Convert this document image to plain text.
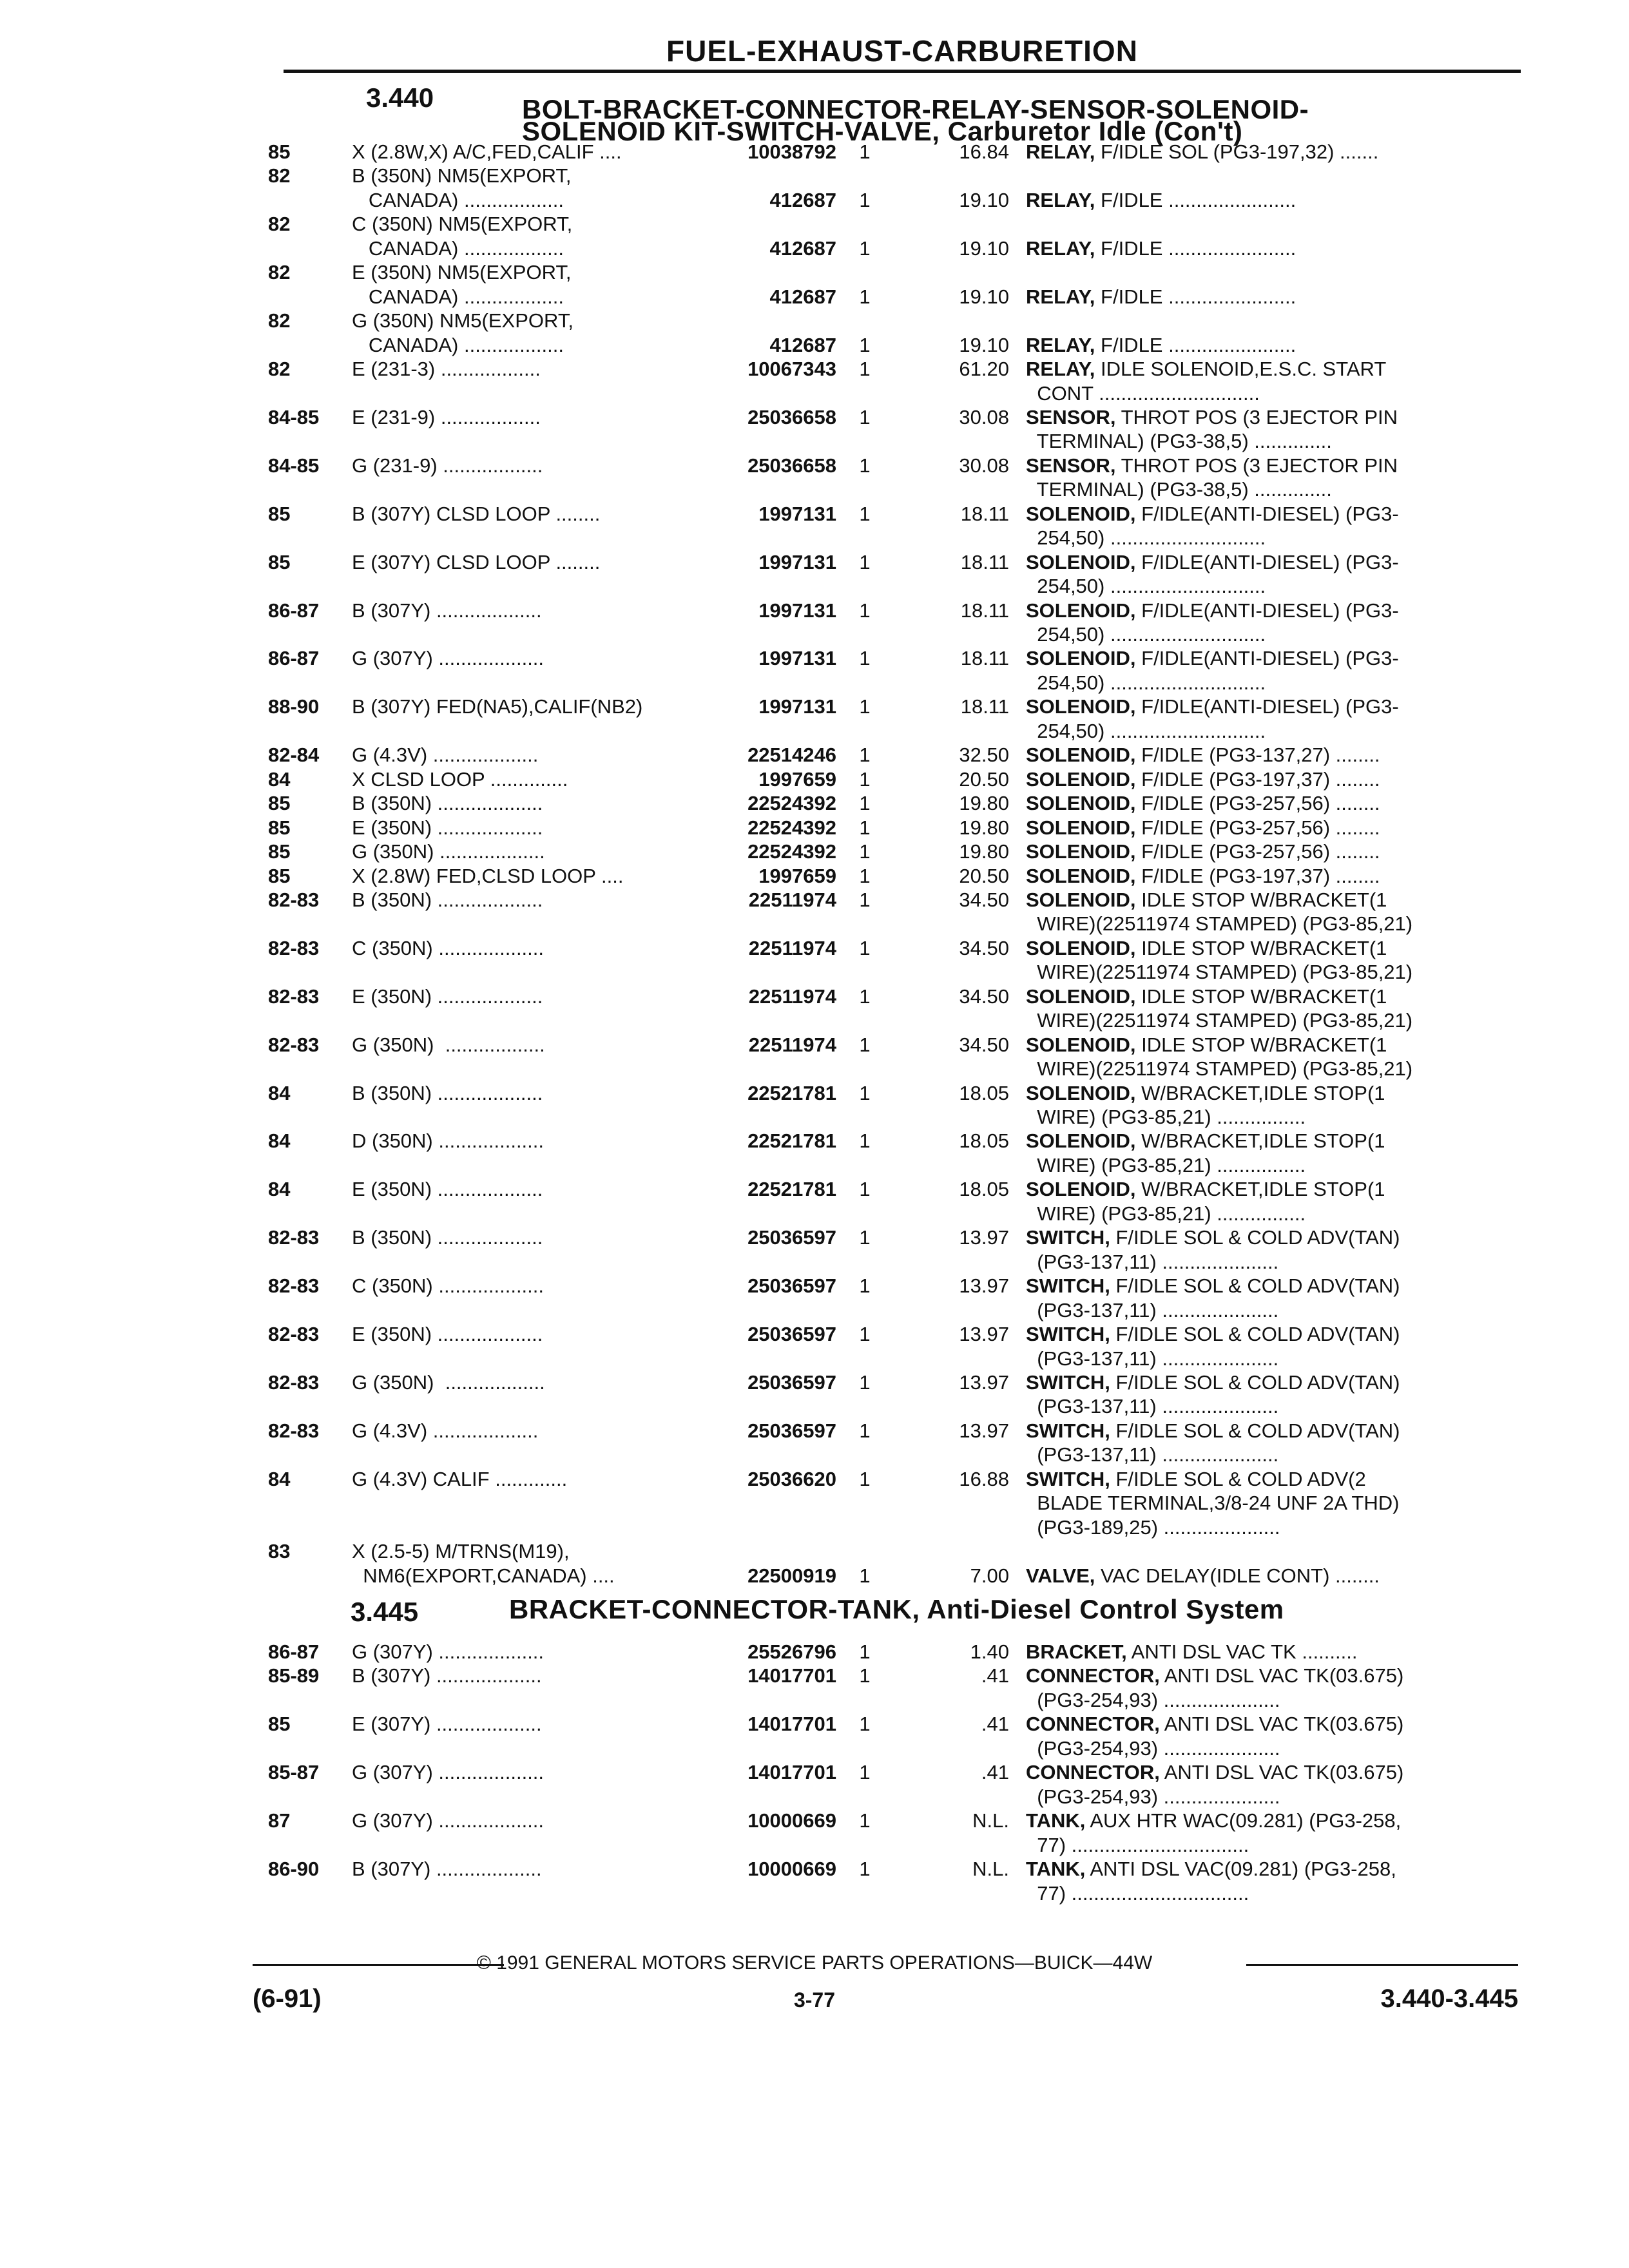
FUEL-EXHAUST-CARBURETION
3.440	BOLT-BRACKET-CONNECTOR-RELAY-SENSOR-SOLENOID-
SOLENOID KIT-SWITCH-VALVE, Carburetor Idle (Con't)
85	X (2.8W,X) A/C,FED,CALIF ....	10038792	1	16.84 RELAY, F/IDLE SOL (PG3-197,32) .......
82	B (350N) NM5(EXPORT,
CANADA) ..................	412687	1	19.10 RELAY, F/IDLE .......................
82	C (350N) NM5(EXPORT,
CANADA) ..................	412687	1	19.10 RELAY, F/IDLE .......................
82	E (350N) NM5(EXPORT,
CANADA) ..................	412687	1	19.10 RELAY, F/IDLE .......................
82	G (350N) NM5(EXPORT,
CANADA) ..................	412687	1	19.10 RELAY, F/IDLE .......................
82	E (231-3) ..................	10067343	1	61.20 RELAY, IDLE SOLENOID,E.S.C. START
CONT .............................
84-85	E (231-9) ..................	25036658	1	30.08 SENSOR, THROT POS (3 EJECTOR PIN
TERMINAL) (PG3-38,5) ..............
84-85	G (231-9) ..................	25036658	1	30.08 SENSOR, THROT POS (3 EJECTOR PIN
TERMINAL) (PG3-38,5) ..............
85	B (307Y) CLSD LOOP ........	1997131	1	18.11 SOLENOID, F/IDLE(ANTI-DIESEL) (PG3-
254,50) ............................
85	E (307Y) CLSD LOOP ........	1997131	1	18.11 SOLENOID, F/IDLE(ANTI-DIESEL) (PG3-
254,50) ............................
86-87	B (307Y) ...................	1997131	1	18.11 SOLENOID, F/IDLE(ANTI-DIESEL) (PG3-
254,50) ............................
86-87	G (307Y) ...................	1997131	1	18.11 SOLENOID, F/IDLE(ANTI-DIESEL) (PG3-
254,50) ............................
88-90	B (307Y) FED(NA5),CALIF(NB2)	1997131	1	18.11 SOLENOID, F/IDLE(ANTI-DIESEL) (PG3-
254,50) ............................
82-84	G (4.3V) ...................	22514246	1	32.50 SOLENOID, F/IDLE (PG3-137,27) ........
84	X CLSD LOOP ..............	1997659	1	20.50 SOLENOID, F/IDLE (PG3-197,37) ........
85	B (350N) ...................	22524392	1	19.80 SOLENOID, F/IDLE (PG3-257,56) ........
85	E (350N) ...................	22524392	1	19.80 SOLENOID, F/IDLE (PG3-257,56) ........
85	G (350N) ...................	22524392	1	19.80 SOLENOID, F/IDLE (PG3-257,56) ........
85	X (2.8W) FED,CLSD LOOP ....	1997659	1	20.50 SOLENOID, F/IDLE (PG3-197,37) ........
82-83	B (350N) ...................	22511974	1	34.50 SOLENOID, IDLE STOP W/BRACKET(1
WIRE)(22511974 STAMPED) (PG3-85,21)
82-83	C (350N) ...................	22511974	1	34.50 SOLENOID, IDLE STOP W/BRACKET(1
WIRE)(22511974 STAMPED) (PG3-85,21)
82-83	E (350N) ...................	22511974	1	34.50 SOLENOID, IDLE STOP W/BRACKET(1
WIRE)(22511974 STAMPED) (PG3-85,21)
82-83	G (350N)  ..................	22511974	1	34.50 SOLENOID, IDLE STOP W/BRACKET(1
WIRE)(22511974 STAMPED) (PG3-85,21)
84	B (350N) ...................	22521781	1	18.05 SOLENOID, W/BRACKET,IDLE STOP(1
WIRE) (PG3-85,21) ................
84	D (350N) ...................	22521781	1	18.05 SOLENOID, W/BRACKET,IDLE STOP(1
WIRE) (PG3-85,21) ................
84	E (350N) ...................	22521781	1	18.05 SOLENOID, W/BRACKET,IDLE STOP(1
WIRE) (PG3-85,21) ................
82-83	B (350N) ...................	25036597	1	13.97 SWITCH, F/IDLE SOL & COLD ADV(TAN)
(PG3-137,11) .....................
82-83	C (350N) ...................	25036597	1	13.97 SWITCH, F/IDLE SOL & COLD ADV(TAN)
(PG3-137,11) .....................
82-83	E (350N) ...................	25036597	1	13.97 SWITCH, F/IDLE SOL & COLD ADV(TAN)
(PG3-137,11) .....................
82-83	G (350N)  ..................	25036597	1	13.97 SWITCH, F/IDLE SOL & COLD ADV(TAN)
(PG3-137,11) .....................
82-83	G (4.3V) ...................	25036597	1	13.97 SWITCH, F/IDLE SOL & COLD ADV(TAN)
(PG3-137,11) .....................
84	G (4.3V) CALIF .............	25036620	1	16.88 SWITCH, F/IDLE SOL & COLD ADV(2
BLADE TERMINAL,3/8-24 UNF 2A THD)
(PG3-189,25) .....................
83	X (2.5-5) M/TRNS(M19),
NM6(EXPORT,CANADA) ....	22500919	1	7.00 VALVE, VAC DELAY(IDLE CONT) ........
3.445	BRACKET-CONNECTOR-TANK, Anti-Diesel Control System
86-87	G (307Y) ...................	25526796	1	1.40 BRACKET, ANTI DSL VAC TK ..........
85-89	B (307Y) ...................	14017701	1	.41 CONNECTOR, ANTI DSL VAC TK(03.675)
(PG3-254,93) .....................
85	E (307Y) ...................	14017701	1	.41 CONNECTOR, ANTI DSL VAC TK(03.675)
(PG3-254,93) .....................
85-87	G (307Y) ...................	14017701	1	.41 CONNECTOR, ANTI DSL VAC TK(03.675)
(PG3-254,93) .....................
87	G (307Y) ...................	10000669	1	N.L. TANK, AUX HTR WAC(09.281) (PG3-258,
77) ................................
86-90	B (307Y) ...................	10000669	1	N.L. TANK, ANTI DSL VAC(09.281) (PG3-258,
77) ................................
© 1991 GENERAL MOTORS SERVICE PARTS OPERATIONS—BUICK—44W
(6-91)	3-77	3.440-3.445
